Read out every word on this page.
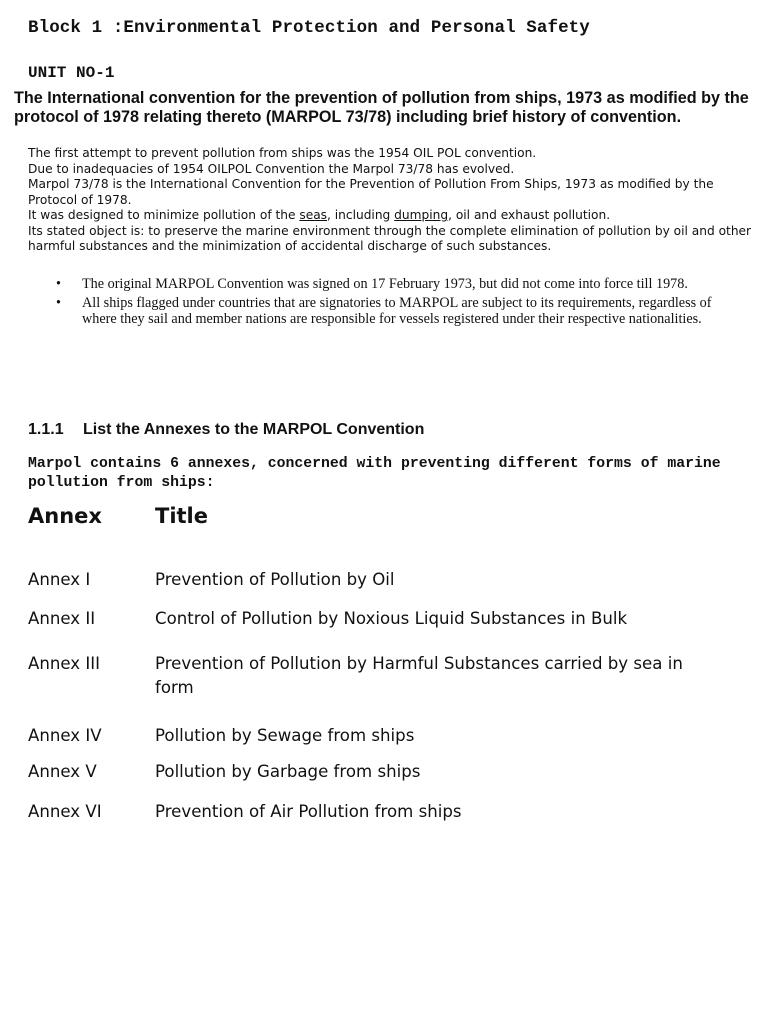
Block 1 :Environmental Protection and Personal Safety
UNIT NO-1
The International convention for the prevention of pollution from ships, 1973 as modified by the protocol of 1978 relating thereto (MARPOL 73/78) including brief history of convention.

The first attempt to prevent pollution from ships was the 1954 OIL POL convention.

Due to inadequacies of 1954 OILPOL Convention the Marpol 73/78 has evolved.

Marpol 73/78 is the International Convention for the Prevention of Pollution From Ships, 1973 as modified by the Protocol of 1978.

It was designed to minimize pollution of the seas, including dumping, oil and exhaust pollution.

Its stated object is: to preserve the marine environment through the complete elimination of pollution by oil and other harmful substances and the minimization of accidental discharge of such substances.

• The original MARPOL Convention was signed on 17 February 1973, but did not come into force till 1978.
• All ships flagged under countries that are signatories to MARPOL are subject to its requirements, regardless of where they sail and member nations are responsible for vessels registered under their respective nationalities.
1.1.1 List the Annexes to the MARPOL Convention
Marpol contains 6 annexes, concerned with preventing different forms of marine pollution from ships:
Annex	Title
Annex I	Prevention of Pollution by Oil
Annex II	Control of Pollution by Noxious Liquid Substances in Bulk
Annex III	Prevention of Pollution by Harmful Substances carried by sea in
form
Annex IV	Pollution by Sewage from ships
Annex V	Pollution by Garbage from ships
Annex VI	Prevention of Air Pollution from ships
